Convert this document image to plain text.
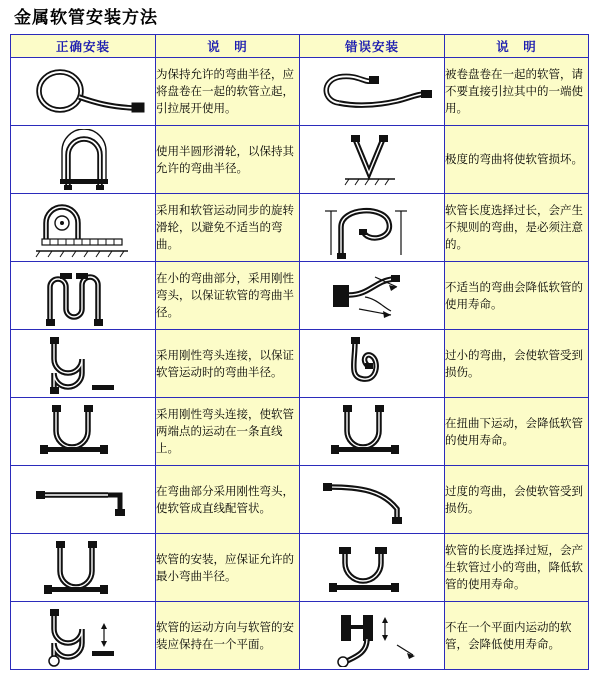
金属软管安装方法
正确安装	说　明	错误安装	说　明

	为保持允许的弯曲半径，应将盘卷在一起的软管立起，引拉展开使用。		被卷盘卷在一起的软管，请不要直接引拉其中的一端使用。

	使用半圆形滑轮，以保持其允许的弯曲半径。		极度的弯曲将使软管损坏。

	采用和软管运动同步的旋转滑轮，以避免不适当的弯曲。		软管长度选择过长，会产生不规则的弯曲，是必须注意的。

	在小的弯曲部分，采用刚性弯头，以保证软管的弯曲半径。		不适当的弯曲会降低软管的使用寿命。

	采用刚性弯头连接，以保证软管运动时的弯曲半径。		过小的弯曲，会使软管受到损伤。

	采用刚性弯头连接，使软管两端点的运动在一条直线上。		在扭曲下运动，会降低软管的使用寿命。

	在弯曲部分采用刚性弯头，使软管成直线配管状。		过度的弯曲，会使软管受到损伤。

	软管的安装，应保证允许的最小弯曲半径。		软管的长度选择过短，会产生软管过小的弯曲，降低软管的使用寿命。

	软管的运动方向与软管的安装应保持在一个平面。		不在一个平面内运动的软管，会降低使用寿命。
